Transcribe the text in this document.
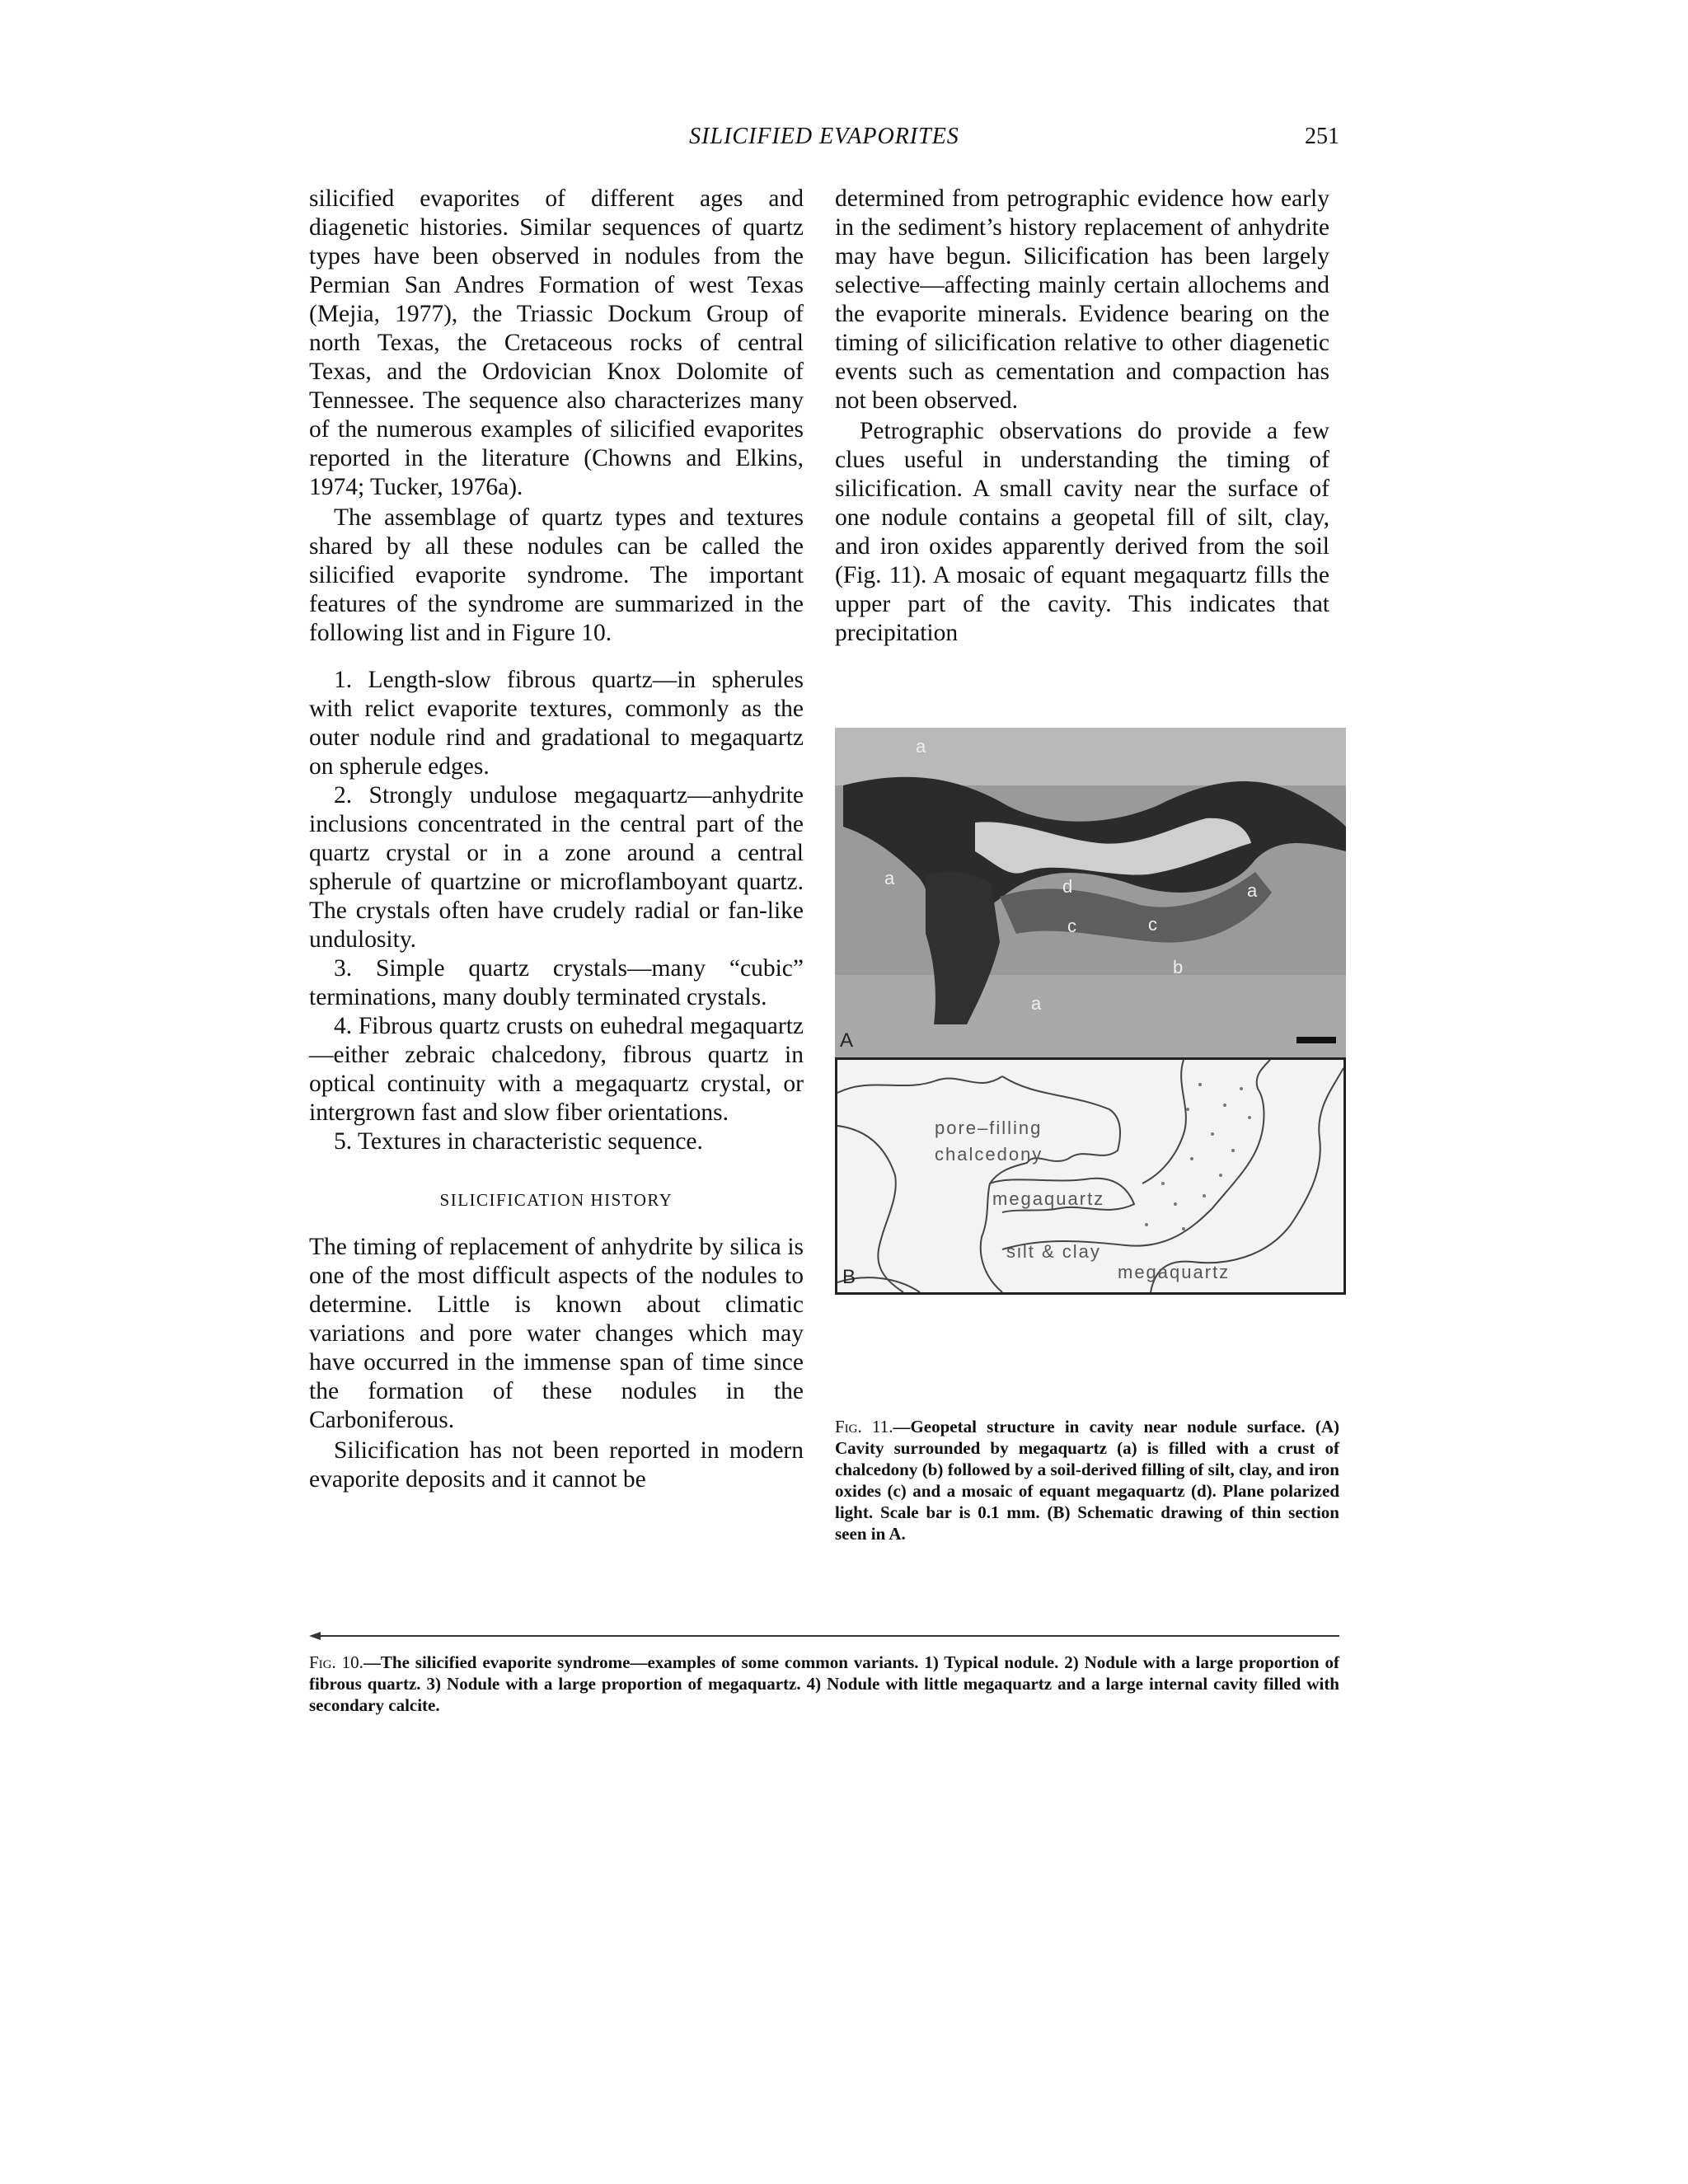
SILICIFIED EVAPORITES	251

silicified evaporites of different ages and diagenetic histories. Similar sequences of quartz types have been observed in nodules from the Permian San Andres Formation of west Texas (Mejia, 1977), the Triassic Dockum Group of north Texas, the Cretaceous rocks of central Texas, and the Ordovician Knox Dolomite of Tennessee. The sequence also characterizes many of the numerous examples of silicified evaporites reported in the literature (Chowns and Elkins, 1974; Tucker, 1976a).

The assemblage of quartz types and textures shared by all these nodules can be called the silicified evaporite syndrome. The important features of the syndrome are summarized in the following list and in Figure 10.

1. Length-slow fibrous quartz—in spherules with relict evaporite textures, commonly as the outer nodule rind and gradational to megaquartz on spherule edges.
2. Strongly undulose megaquartz—anhydrite inclusions concentrated in the central part of the quartz crystal or in a zone around a central spherule of quartzine or microflamboyant quartz. The crystals often have crudely radial or fan-like undulosity.
3. Simple quartz crystals—many “cubic” terminations, many doubly terminated crystals.
4. Fibrous quartz crusts on euhedral megaquartz—either zebraic chalcedony, fibrous quartz in optical continuity with a megaquartz crystal, or intergrown fast and slow fiber orientations.
5. Textures in characteristic sequence.
SILICIFICATION HISTORY

The timing of replacement of anhydrite by silica is one of the most difficult aspects of the nodules to determine. Little is known about climatic variations and pore water changes which may have occurred in the immense span of time since the formation of these nodules in the Carboniferous.

Silicification has not been reported in modern evaporite deposits and it cannot be

determined from petrographic evidence how early in the sediment’s history replacement of anhydrite may have begun. Silicification has been largely selective—affecting mainly certain allochems and the evaporite minerals. Evidence bearing on the timing of silicification relative to other diagenetic events such as cementation and compaction has not been observed.

Petrographic observations do provide a few clues useful in understanding the timing of silicification. A small cavity near the surface of one nodule contains a geopetal fill of silt, clay, and iron oxides apparently derived from the soil (Fig. 11). A mosaic of equant megaquartz fills the upper part of the cavity. This indicates that precipitation

A
a
a
a
a
b
c	c
d
B
pore–filling
chalcedony
megaquartz
silt & clay
megaquartz
Fig. 11.—Geopetal structure in cavity near nodule surface. (A) Cavity surrounded by megaquartz (a) is filled with a crust of chalcedony (b) followed by a soil-derived filling of silt, clay, and iron oxides (c) and a mosaic of equant megaquartz (d). Plane polarized light. Scale bar is 0.1 mm. (B) Schematic drawing of thin section seen in A.
Fig. 10.—The silicified evaporite syndrome—examples of some common variants. 1) Typical nodule. 2) Nodule with a large proportion of fibrous quartz. 3) Nodule with a large proportion of megaquartz. 4) Nodule with little megaquartz and a large internal cavity filled with secondary calcite.
